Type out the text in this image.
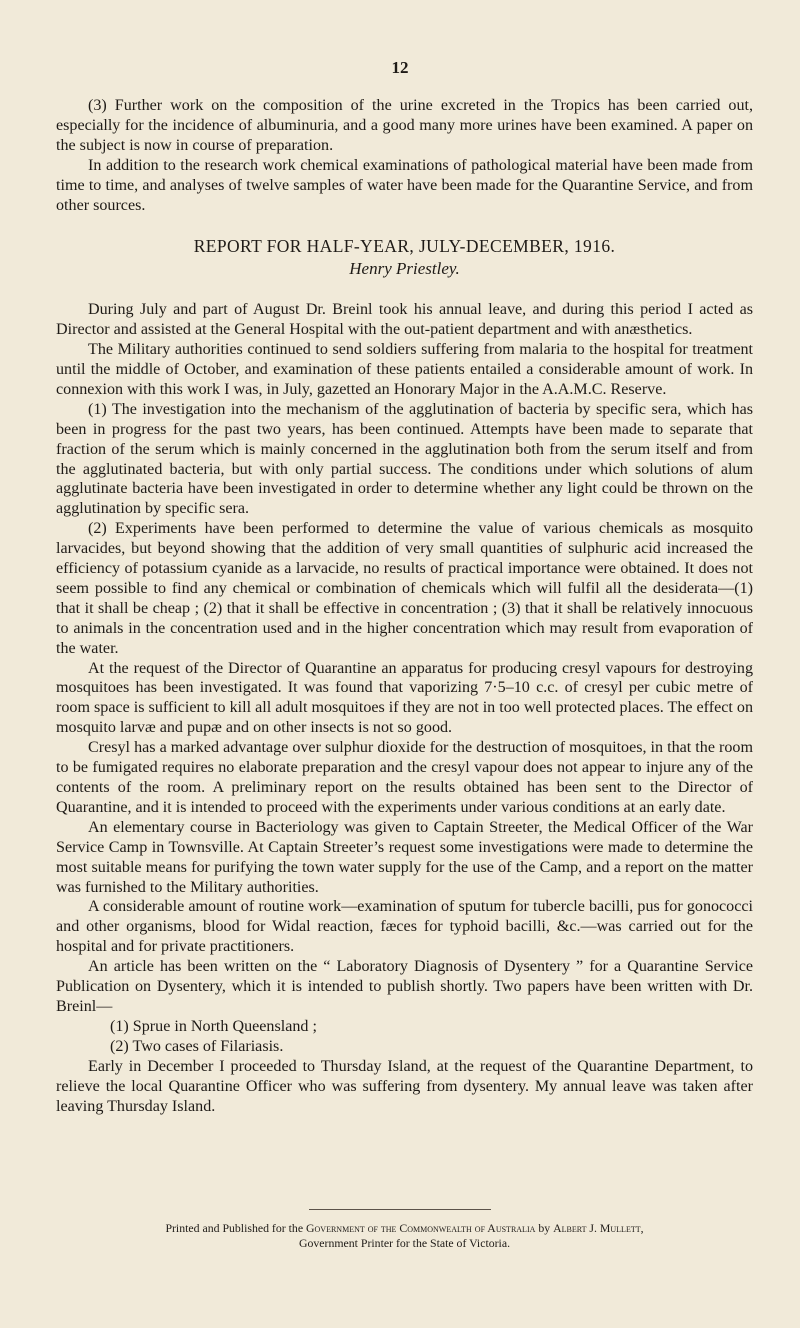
12

(3) Further work on the composition of the urine excreted in the Tropics has been carried out, especially for the incidence of albuminuria, and a good many more urines have been examined. A paper on the subject is now in course of preparation.

In addition to the research work chemical examinations of pathological material have been made from time to time, and analyses of twelve samples of water have been made for the Quarantine Service, and from other sources.

REPORT FOR HALF-YEAR, JULY-DECEMBER, 1916.
Henry Priestley.

During July and part of August Dr. Breinl took his annual leave, and during this period I acted as Director and assisted at the General Hospital with the out-patient department and with anæsthetics.

The Military authorities continued to send soldiers suffering from malaria to the hospital for treatment until the middle of October, and examination of these patients entailed a considerable amount of work. In connexion with this work I was, in July, gazetted an Honorary Major in the A.A.M.C. Reserve.

(1) The investigation into the mechanism of the agglutination of bacteria by specific sera, which has been in progress for the past two years, has been continued. Attempts have been made to separate that fraction of the serum which is mainly concerned in the agglutination both from the serum itself and from the agglutinated bacteria, but with only partial success. The conditions under which solutions of alum agglutinate bacteria have been investigated in order to determine whether any light could be thrown on the agglutination by specific sera.

(2) Experiments have been performed to determine the value of various chemicals as mosquito larvacides, but beyond showing that the addition of very small quantities of sulphuric acid increased the efficiency of potassium cyanide as a larvacide, no results of practical importance were obtained. It does not seem possible to find any chemical or combination of chemicals which will fulfil all the desiderata—(1) that it shall be cheap ; (2) that it shall be effective in concentration ; (3) that it shall be relatively innocuous to animals in the concentration used and in the higher concentration which may result from evaporation of the water.

At the request of the Director of Quarantine an apparatus for producing cresyl vapours for destroying mosquitoes has been investigated. It was found that vaporizing 7·5–10 c.c. of cresyl per cubic metre of room space is sufficient to kill all adult mosquitoes if they are not in too well protected places. The effect on mosquito larvæ and pupæ and on other insects is not so good.

Cresyl has a marked advantage over sulphur dioxide for the destruction of mosquitoes, in that the room to be fumigated requires no elaborate preparation and the cresyl vapour does not appear to injure any of the contents of the room. A preliminary report on the results obtained has been sent to the Director of Quarantine, and it is intended to proceed with the experiments under various conditions at an early date.

An elementary course in Bacteriology was given to Captain Streeter, the Medical Officer of the War Service Camp in Townsville. At Captain Streeter’s request some investigations were made to determine the most suitable means for purifying the town water supply for the use of the Camp, and a report on the matter was furnished to the Military authorities.

A considerable amount of routine work—examination of sputum for tubercle bacilli, pus for gonococci and other organisms, blood for Widal reaction, fæces for typhoid bacilli, &c.—was carried out for the hospital and for private practitioners.

An article has been written on the “ Laboratory Diagnosis of Dysentery ” for a Quarantine Service Publication on Dysentery, which it is intended to publish shortly. Two papers have been written with Dr. Breinl—

(1) Sprue in North Queensland ;

(2) Two cases of Filariasis.

Early in December I proceeded to Thursday Island, at the request of the Quarantine Department, to relieve the local Quarantine Officer who was suffering from dysentery. My annual leave was taken after leaving Thursday Island.

Printed and Published for the Government of the Commonwealth of Australia by Albert J. Mullett,
Government Printer for the State of Victoria.
